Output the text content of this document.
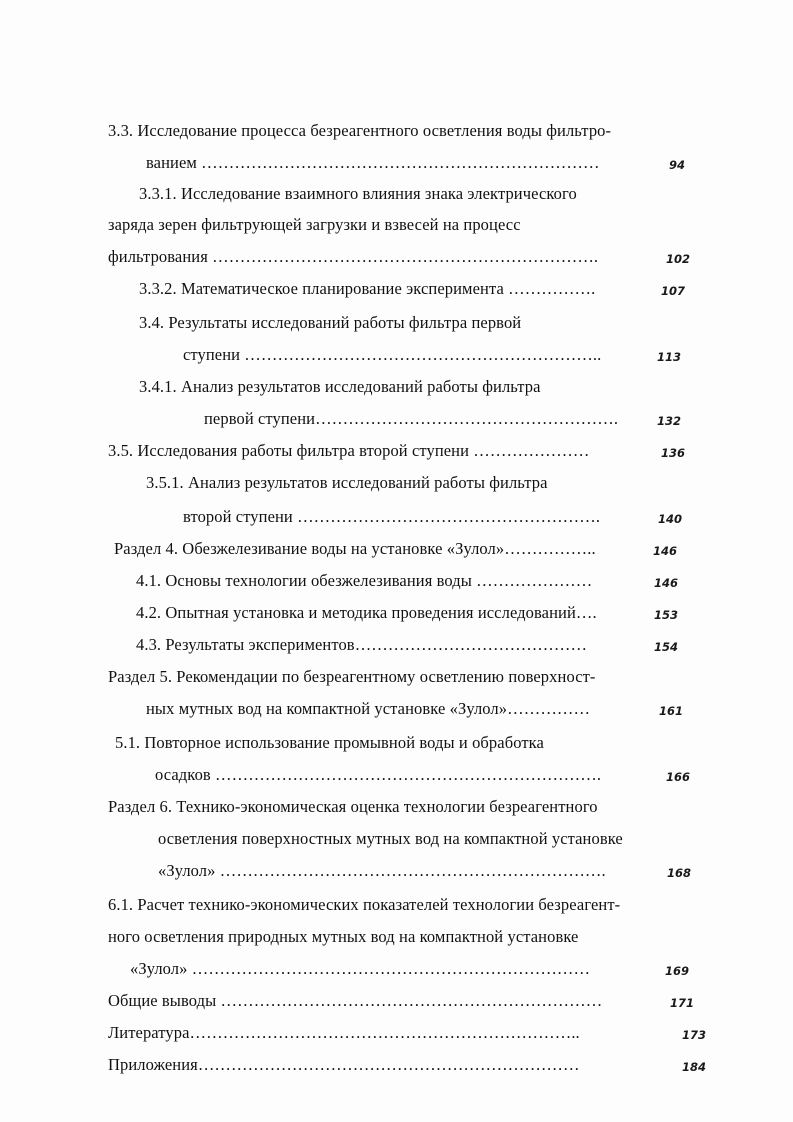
3.3. Исследование процесса безреагентного осветления воды фильтро-
ванием ………………………………………………………………	94
3.3.1. Исследование взаимного влияния знака электрического
заряда зерен фильтрующей загрузки и взвесей на процесс
фильтрования …………………………………………………………….	102
3.3.2. Математическое планирование эксперимента …………….	107
3.4. Результаты исследований работы фильтра первой
ступени ………………………………………………………..	113
3.4.1. Анализ результатов исследований работы фильтра
первой ступени……………………………………………….	132
3.5. Исследования работы фильтра второй ступени …………………	136
3.5.1. Анализ результатов исследований работы фильтра
второй ступени ……………………………………………….	140
Раздел 4. Обезжелезивание воды на установке «Зулол»……………..	146
4.1. Основы технологии обезжелезивания воды …………………	146
4.2. Опытная установка и методика проведения исследований….	153
4.3. Результаты экспериментов……………………………………	154
Раздел 5. Рекомендации по безреагентному осветлению поверхност-
ных мутных вод на компактной установке «Зулол»……………	161
5.1. Повторное использование промывной воды и обработка
осадков …………………………………………………………….	166
Раздел 6. Технико-экономическая оценка технологии безреагентного
осветления поверхностных мутных вод на компактной установке
«Зулол» …………………………………………………………….	168
6.1. Расчет технико-экономических показателей технологии безреагент-
ного осветления природных мутных вод на компактной установке
«Зулол» ………………………………………………………………	169
Общие выводы ……………………………………………………………	171
Литература……………………………………………………………..	173
Приложения……………………………………………………………	184
